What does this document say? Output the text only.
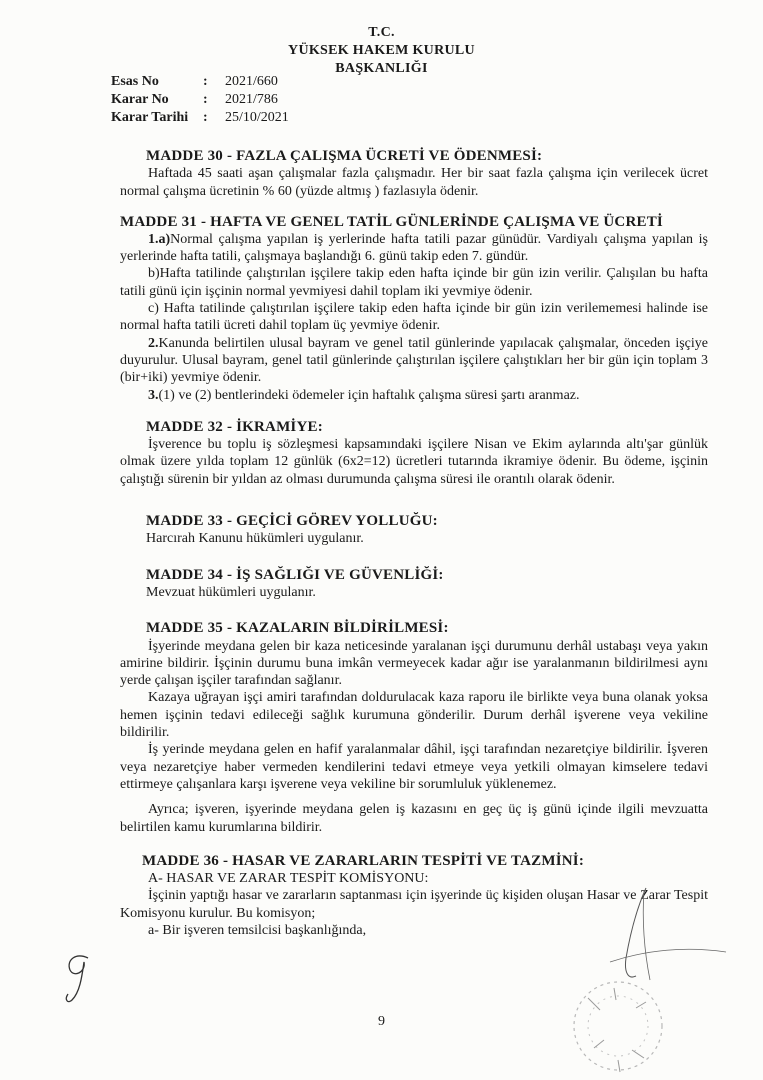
T.C.
YÜKSEK HAKEM KURULU
BAŞKANLIĞI
Esas No	:	2021/660
Karar No	:	2021/786
Karar Tarihi	:	25/10/2021
MADDE 30 - FAZLA ÇALIŞMA ÜCRETİ VE ÖDENMESİ:

Haftada 45 saati aşan çalışmalar fazla çalışmadır. Her bir saat fazla çalışma için verilecek ücret normal çalışma ücretinin % 60 (yüzde altmış ) fazlasıyla ödenir.

MADDE 31 - HAFTA VE GENEL TATİL GÜNLERİNDE ÇALIŞMA VE ÜCRETİ

1.a)Normal çalışma yapılan iş yerlerinde hafta tatili pazar günüdür. Vardiyalı çalışma yapılan iş yerlerinde hafta tatili, çalışmaya başlandığı 6. günü takip eden 7. gündür.

b)Hafta tatilinde çalıştırılan işçilere takip eden hafta içinde bir gün izin verilir. Çalışılan bu hafta tatili günü için işçinin normal yevmiyesi dahil toplam iki yevmiye ödenir.

c) Hafta tatilinde çalıştırılan işçilere takip eden hafta içinde bir gün izin verilememesi halinde ise normal hafta tatili ücreti dahil toplam üç yevmiye ödenir.

2.Kanunda belirtilen ulusal bayram ve genel tatil günlerinde yapılacak çalışmalar, önceden işçiye duyurulur. Ulusal bayram, genel tatil günlerinde çalıştırılan işçilere çalıştıkları her bir gün için toplam 3 (bir+iki) yevmiye ödenir.

3.(1) ve (2) bentlerindeki ödemeler için haftalık çalışma süresi şartı aranmaz.

MADDE 32 - İKRAMİYE:

İşverence bu toplu iş sözleşmesi kapsamındaki işçilere Nisan ve Ekim aylarında altı'şar günlük olmak üzere yılda toplam 12 günlük (6x2=12) ücretleri tutarında ikramiye ödenir. Bu ödeme, işçinin çalıştığı sürenin bir yıldan az olması durumunda çalışma süresi ile orantılı olarak ödenir.

MADDE 33 - GEÇİCİ GÖREV YOLLUĞU:

Harcırah Kanunu hükümleri uygulanır.

MADDE 34 - İŞ SAĞLIĞI VE GÜVENLİĞİ:

Mevzuat hükümleri uygulanır.

MADDE 35 - KAZALARIN BİLDİRİLMESİ:

İşyerinde meydana gelen bir kaza neticesinde yaralanan işçi durumunu derhâl ustabaşı veya yakın amirine bildirir. İşçinin durumu buna imkân vermeyecek kadar ağır ise yaralanmanın bildirilmesi aynı yerde çalışan işçiler tarafından sağlanır.

Kazaya uğrayan işçi amiri tarafından doldurulacak kaza raporu ile birlikte veya buna olanak yoksa hemen işçinin tedavi edileceği sağlık kurumuna gönderilir. Durum derhâl işverene veya vekiline bildirilir.

İş yerinde meydana gelen en hafif yaralanmalar dâhil, işçi tarafından nezaretçiye bildirilir. İşveren veya nezaretçiye haber vermeden kendilerini tedavi etmeye veya yetkili olmayan kimselere tedavi ettirmeye çalışanlara karşı işverene veya vekiline bir sorumluluk yüklenemez.

Ayrıca; işveren, işyerinde meydana gelen iş kazasını en geç üç iş günü içinde ilgili mevzuatta belirtilen kamu kurumlarına bildirir.

MADDE 36 - HASAR VE ZARARLARIN TESPİTİ VE TAZMİNİ:

A- HASAR VE ZARAR TESPİT KOMİSYONU:

İşçinin yaptığı hasar ve zararların saptanması için işyerinde üç kişiden oluşan Hasar ve Zarar Tespit Komisyonu kurulur. Bu komisyon;

a- Bir işveren temsilcisi başkanlığında,

9
